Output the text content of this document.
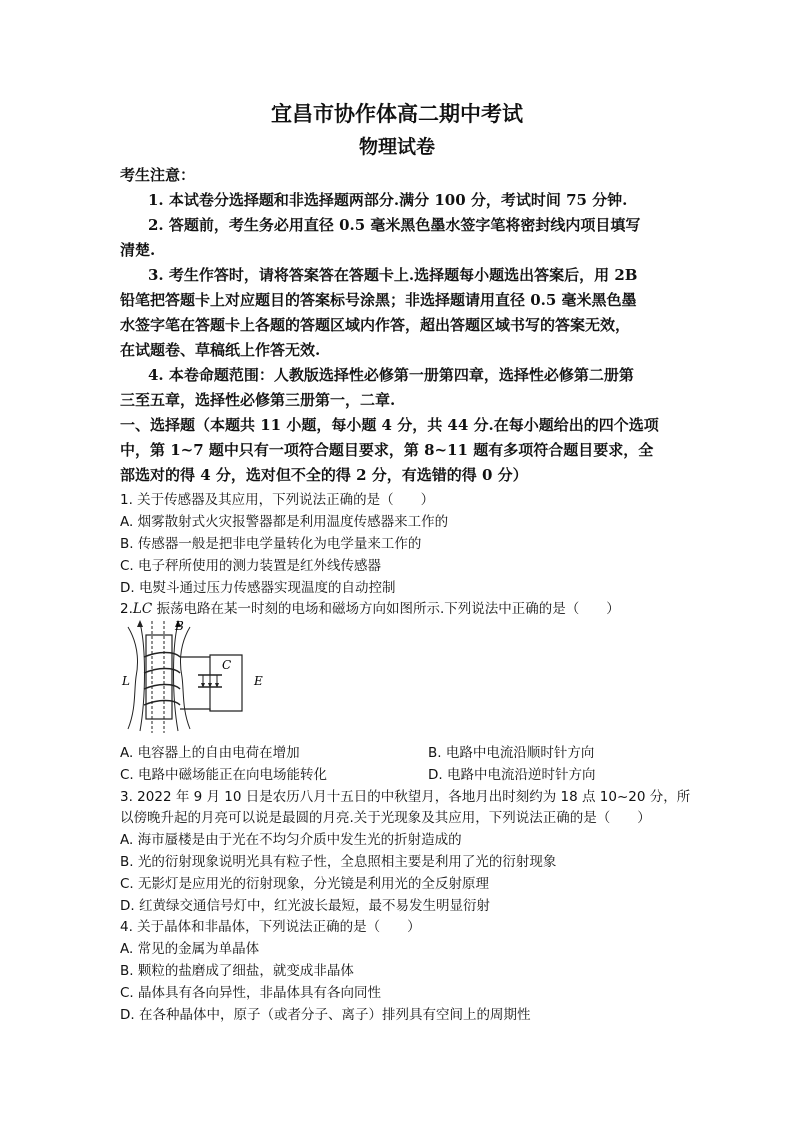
宜昌市协作体高二期中考试
物理试卷
考生注意：
1. 本试卷分选择题和非选择题两部分.满分 100 分，考试时间 75 分钟.
2. 答题前，考生务必用直径 0.5 毫米黑色墨水签字笔将密封线内项目填写
清楚.
3. 考生作答时，请将答案答在答题卡上.选择题每小题选出答案后，用 2B
铅笔把答题卡上对应题目的答案标号涂黑；非选择题请用直径 0.5 毫米黑色墨
水签字笔在答题卡上各题的答题区域内作答，超出答题区域书写的答案无效，
在试题卷、草稿纸上作答无效.
4. 本卷命题范围：人教版选择性必修第一册第四章，选择性必修第二册第
三至五章，选择性必修第三册第一，二章.
一、选择题（本题共 11 小题，每小题 4 分，共 44 分.在每小题给出的四个选项
中，第 1~7 题中只有一项符合题目要求，第 8~11 题有多项符合题目要求，全
部选对的得 4 分，选对但不全的得 2 分，有选错的得 0 分）
1. 关于传感器及其应用，下列说法正确的是（　　）
A. 烟雾散射式火灾报警器都是利用温度传感器来工作的
B. 传感器一般是把非电学量转化为电学量来工作的
C. 电子秤所使用的测力装置是红外线传感器
D. 电熨斗通过压力传感器实现温度的自动控制
2.LC 振荡电路在某一时刻的电场和磁场方向如图所示.下列说法中正确的是（　　）
B
C
L	E
A. 电容器上的自由电荷在增加	B. 电路中电流沿顺时针方向
C. 电路中磁场能正在向电场能转化	D. 电路中电流沿逆时针方向
3. 2022 年 9 月 10 日是农历八月十五日的中秋望月，各地月出时刻约为 18 点 10~20 分，所
以傍晚升起的月亮可以说是最圆的月亮.关于光现象及其应用，下列说法正确的是（　　）
A. 海市蜃楼是由于光在不均匀介质中发生光的折射造成的
B. 光的衍射现象说明光具有粒子性，全息照相主要是利用了光的衍射现象
C. 无影灯是应用光的衍射现象，分光镜是利用光的全反射原理
D. 红黄绿交通信号灯中，红光波长最短，最不易发生明显衍射
4. 关于晶体和非晶体，下列说法正确的是（　　）
A. 常见的金属为单晶体
B. 颗粒的盐磨成了细盐，就变成非晶体
C. 晶体具有各向异性，非晶体具有各向同性
D. 在各种晶体中，原子（或者分子、离子）排列具有空间上的周期性
